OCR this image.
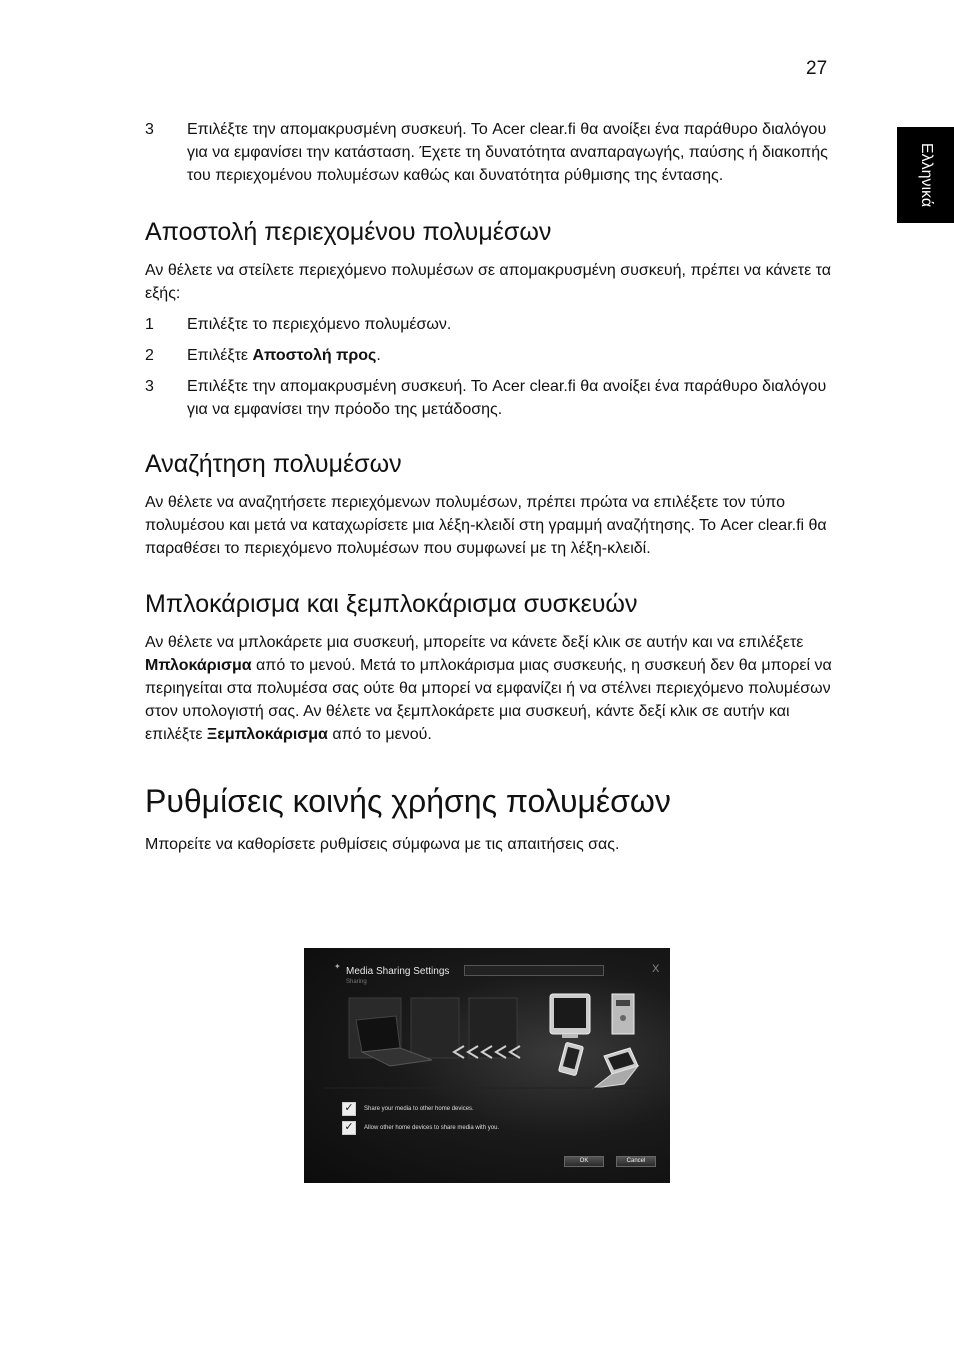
27
Ελληνικά
3	Επιλέξτε την απομακρυσμένη συσκευή. Το Acer clear.fi θα ανοίξει ένα παράθυρο διαλόγου για να εμφανίσει την κατάσταση. Έχετε τη δυνατότητα αναπαραγωγής, παύσης ή διακοπής του περιεχομένου πολυμέσων καθώς και δυνατότητα ρύθμισης της έντασης.
Αποστολή περιεχομένου πολυμέσων

Αν θέλετε να στείλετε περιεχόμενο πολυμέσων σε απομακρυσμένη συσκευή, πρέπει να κάνετε τα εξής:

1	Επιλέξτε το περιεχόμενο πολυμέσων.
2	Επιλέξτε Αποστολή προς.
3	Επιλέξτε την απομακρυσμένη συσκευή. Το Acer clear.fi θα ανοίξει ένα παράθυρο διαλόγου για να εμφανίσει την πρόοδο της μετάδοσης.
Αναζήτηση πολυμέσων

Αν θέλετε να αναζητήσετε περιεχόμενων πολυμέσων, πρέπει πρώτα να επιλέξετε τον τύπο πολυμέσου και μετά να καταχωρίσετε μια λέξη-κλειδί στη γραμμή αναζήτησης. Το Acer clear.fi θα παραθέσει το περιεχόμενο πολυμέσων που συμφωνεί με τη λέξη-κλειδί.

Μπλοκάρισμα και ξεμπλοκάρισμα συσκευών

Αν θέλετε να μπλοκάρετε μια συσκευή, μπορείτε να κάνετε δεξί κλικ σε αυτήν και να επιλέξετε Μπλοκάρισμα από το μενού. Μετά το μπλοκάρισμα μιας συσκευής, η συσκευή δεν θα μπορεί να περιηγείται στα πολυμέσα σας ούτε θα μπορεί να εμφανίζει ή να στέλνει περιεχόμενο πολυμέσων στον υπολογιστή σας. Αν θέλετε να ξεμπλοκάρετε μια συσκευή, κάντε δεξί κλικ σε αυτήν και επιλέξτε Ξεμπλοκάρισμα από το μενού.

Ρυθμίσεις κοινής χρήσης πολυμέσων

Μπορείτε να καθορίσετε ρυθμίσεις σύμφωνα με τις απαιτήσεις σας.

✦ Media Sharing Settings
Sharing
X
✓	Share your media to other home devices.
✓	Allow other home devices to share media with you.
OK	Cancel
